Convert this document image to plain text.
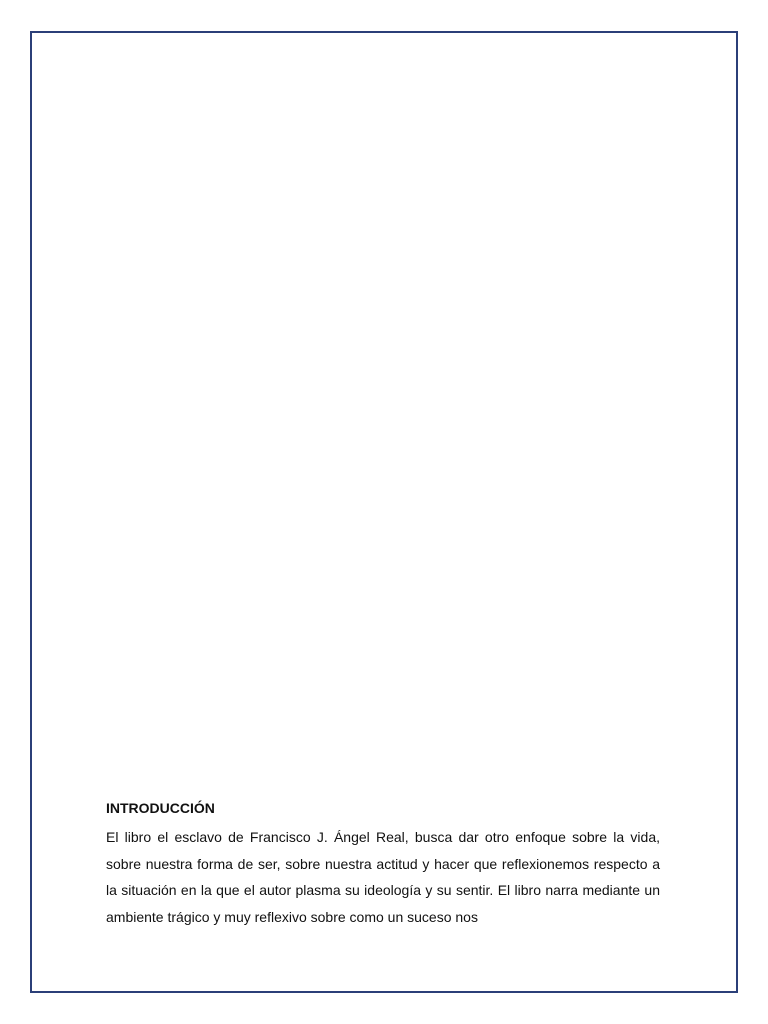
INTRODUCCIÓN

El libro el esclavo de Francisco J. Ángel Real, busca dar otro enfoque sobre la vida, sobre nuestra forma de ser, sobre nuestra actitud y hacer que reflexionemos respecto a la situación en la que el autor plasma su ideología y su sentir. El libro narra mediante un ambiente trágico y muy reflexivo sobre como un suceso nos
